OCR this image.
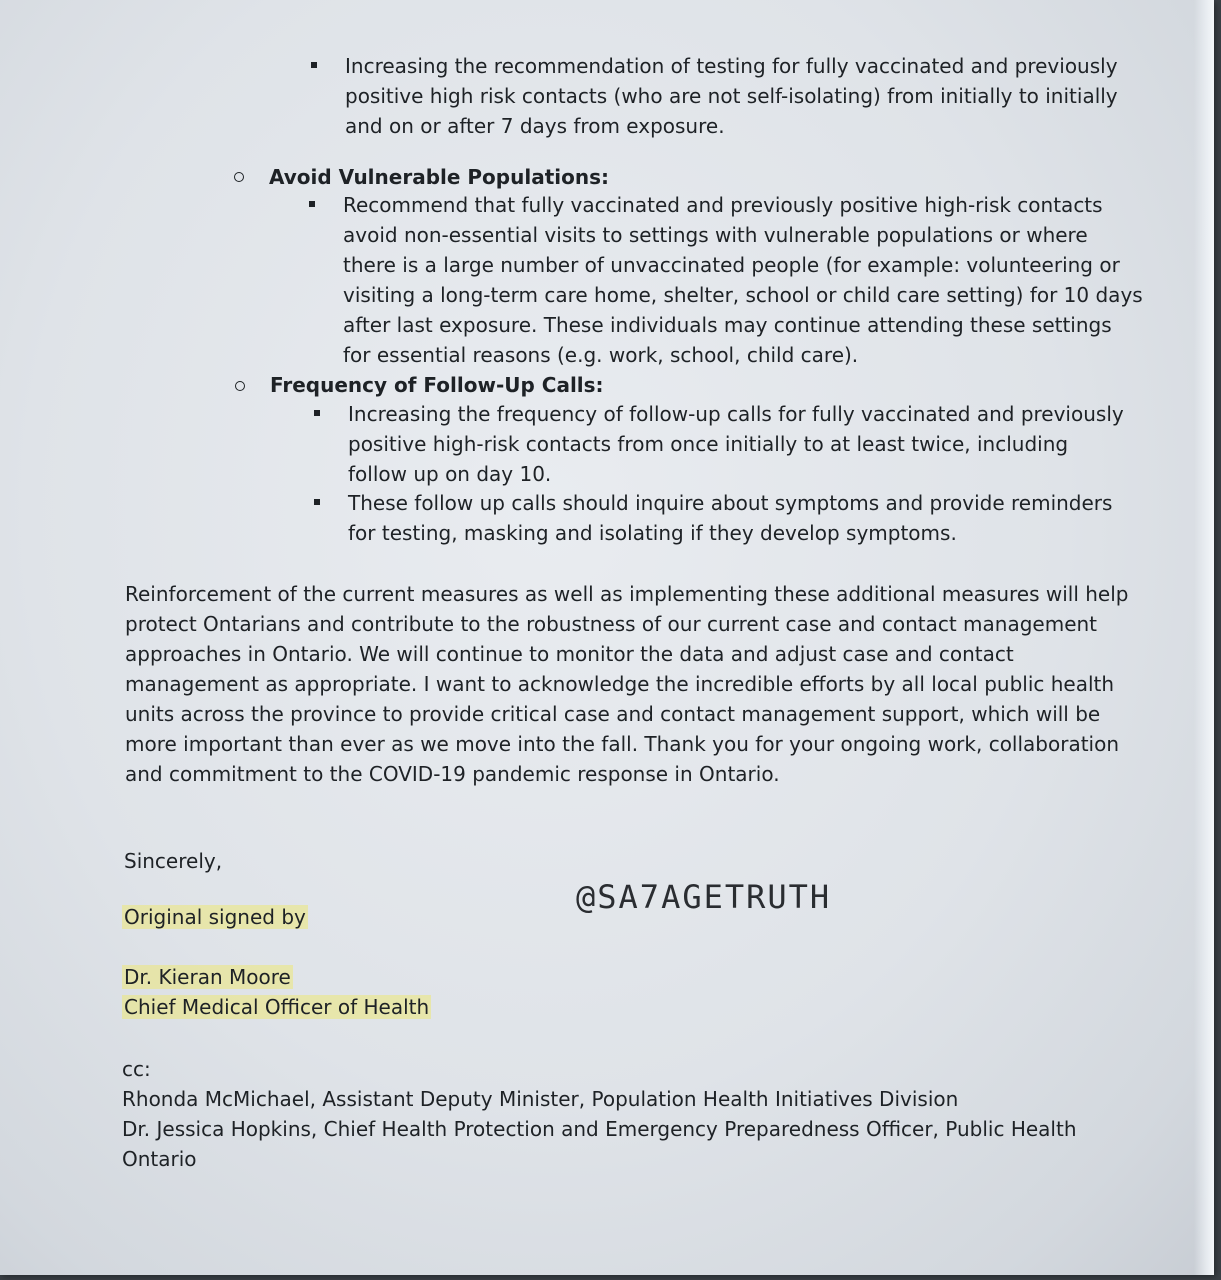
Increasing the recommendation of testing for fully vaccinated and previously
positive high risk contacts (who are not self-isolating) from initially to initially
and on or after 7 days from exposure.
Avoid Vulnerable Populations:
Recommend that fully vaccinated and previously positive high-risk contacts
avoid non-essential visits to settings with vulnerable populations or where
there is a large number of unvaccinated people (for example: volunteering or
visiting a long-term care home, shelter, school or child care setting) for 10 days
after last exposure. These individuals may continue attending these settings
for essential reasons (e.g. work, school, child care).
Frequency of Follow-Up Calls:
Increasing the frequency of follow-up calls for fully vaccinated and previously
positive high-risk contacts from once initially to at least twice, including
follow up on day 10.
These follow up calls should inquire about symptoms and provide reminders
for testing, masking and isolating if they develop symptoms.
Reinforcement of the current measures as well as implementing these additional measures will help
protect Ontarians and contribute to the robustness of our current case and contact management
approaches in Ontario. We will continue to monitor the data and adjust case and contact
management as appropriate. I want to acknowledge the incredible efforts by all local public health
units across the province to provide critical case and contact management support, which will be
more important than ever as we move into the fall. Thank you for your ongoing work, collaboration
and commitment to the COVID-19 pandemic response in Ontario.
Sincerely,
Original signed by
@SA7AGETRUTH
Dr. Kieran Moore
Chief Medical Officer of Health
cc:
Rhonda McMichael, Assistant Deputy Minister, Population Health Initiatives Division
Dr. Jessica Hopkins, Chief Health Protection and Emergency Preparedness Officer, Public Health
Ontario
